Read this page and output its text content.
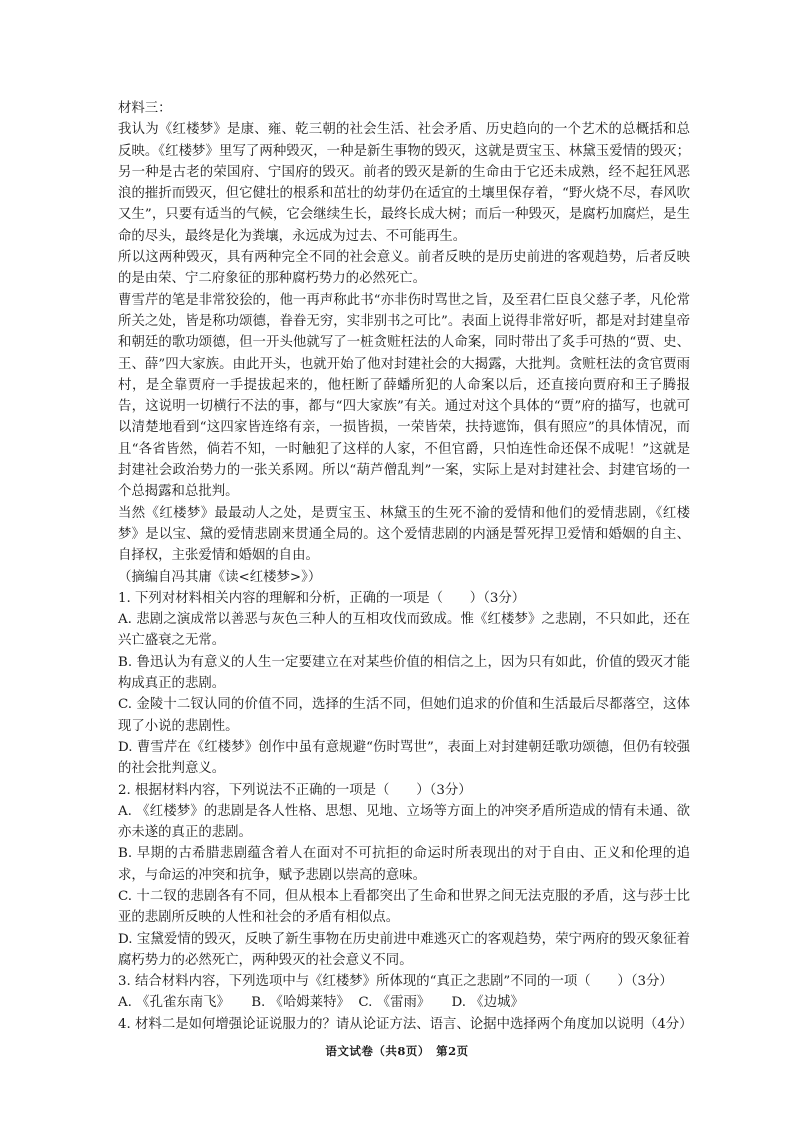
材料三：

我认为《红楼梦》是康、雍、乾三朝的社会生活、社会矛盾、历史趋向的一个艺术的总概括和总反映。《红楼梦》里写了两种毁灭，一种是新生事物的毁灭，这就是贾宝玉、林黛玉爱情的毁灭；另一种是古老的荣国府、宁国府的毁灭。前者的毁灭是新的生命由于它还未成熟，经不起狂风恶浪的摧折而毁灭，但它健壮的根系和茁壮的幼芽仍在适宜的土壤里保存着，“野火烧不尽，春风吹又生”，只要有适当的气候，它会继续生长，最终长成大树；而后一种毁灭，是腐朽加腐烂，是生命的尽头，最终是化为粪壤，永远成为过去、不可能再生。

所以这两种毁灭，具有两种完全不同的社会意义。前者反映的是历史前进的客观趋势，后者反映的是由荣、宁二府象征的那种腐朽势力的必然死亡。

曹雪芹的笔是非常狡狯的，他一再声称此书“亦非伤时骂世之旨，及至君仁臣良父慈子孝，凡伦常所关之处，皆是称功颂德，眷眷无穷，实非别书之可比”。表面上说得非常好听，都是对封建皇帝和朝廷的歌功颂德，但一开头他就写了一桩贪赃枉法的人命案，同时带出了炙手可热的“贾、史、王、薛”四大家族。由此开头，也就开始了他对封建社会的大揭露，大批判。贪赃枉法的贪官贾雨村，是全靠贾府一手提拔起来的，他枉断了薛蟠所犯的人命案以后，还直接向贾府和王子腾报告，这说明一切横行不法的事，都与“四大家族”有关。通过对这个具体的“贾”府的描写，也就可以清楚地看到“这四家皆连络有亲，一损皆损，一荣皆荣，扶持遮饰，俱有照应”的具体情况，而且“各省皆然，倘若不知，一时触犯了这样的人家，不但官爵，只怕连性命还保不成呢！”这就是封建社会政治势力的一张关系网。所以“葫芦僧乱判”一案，实际上是对封建社会、封建官场的一个总揭露和总批判。

当然《红楼梦》最最动人之处，是贾宝玉、林黛玉的生死不渝的爱情和他们的爱情悲剧，《红楼梦》是以宝、黛的爱情悲剧来贯通全局的。这个爱情悲剧的内涵是誓死捍卫爱情和婚姻的自主、自择权，主张爱情和婚姻的自由。

（摘编自冯其庸《读<红楼梦>》）

1. 下列对材料相关内容的理解和分析，正确的一项是（　　）（3分）

A. 悲剧之演成常以善恶与灰色三种人的互相攻伐而致成。惟《红楼梦》之悲剧，不只如此，还在兴亡盛衰之无常。

B. 鲁迅认为有意义的人生一定要建立在对某些价值的相信之上，因为只有如此，价值的毁灭才能构成真正的悲剧。

C. 金陵十二钗认同的价值不同，选择的生活不同，但她们追求的价值和生活最后尽都落空，这体现了小说的悲剧性。

D. 曹雪芹在《红楼梦》创作中虽有意规避“伤时骂世”，表面上对封建朝廷歌功颂德，但仍有较强的社会批判意义。

2. 根据材料内容，下列说法不正确的一项是（　　）（3分）

A. 《红楼梦》的悲剧是各人性格、思想、见地、立场等方面上的冲突矛盾所造成的情有未通、欲亦未遂的真正的悲剧。

B. 早期的古希腊悲剧蕴含着人在面对不可抗拒的命运时所表现出的对于自由、正义和伦理的追求，与命运的冲突和抗争，赋予悲剧以崇高的意味。

C. 十二钗的悲剧各有不同，但从根本上看都突出了生命和世界之间无法克服的矛盾，这与莎士比亚的悲剧所反映的人性和社会的矛盾有相似点。

D. 宝黛爱情的毁灭，反映了新生事物在历史前进中难逃灭亡的客观趋势，荣宁两府的毁灭象征着腐朽势力的必然死亡，两种毁灭的社会意义不同。

3. 结合材料内容，下列选项中与《红楼梦》所体现的“真正之悲剧”不同的一项（　　）（3分）

A. 《孔雀东南飞》     B. 《哈姆莱特》  C. 《雷雨》     D. 《边城》

4. 材料二是如何增强论证说服力的？请从论证方法、语言、论据中选择两个角度加以说明（4分）

语文试卷（共8页）　第2页
